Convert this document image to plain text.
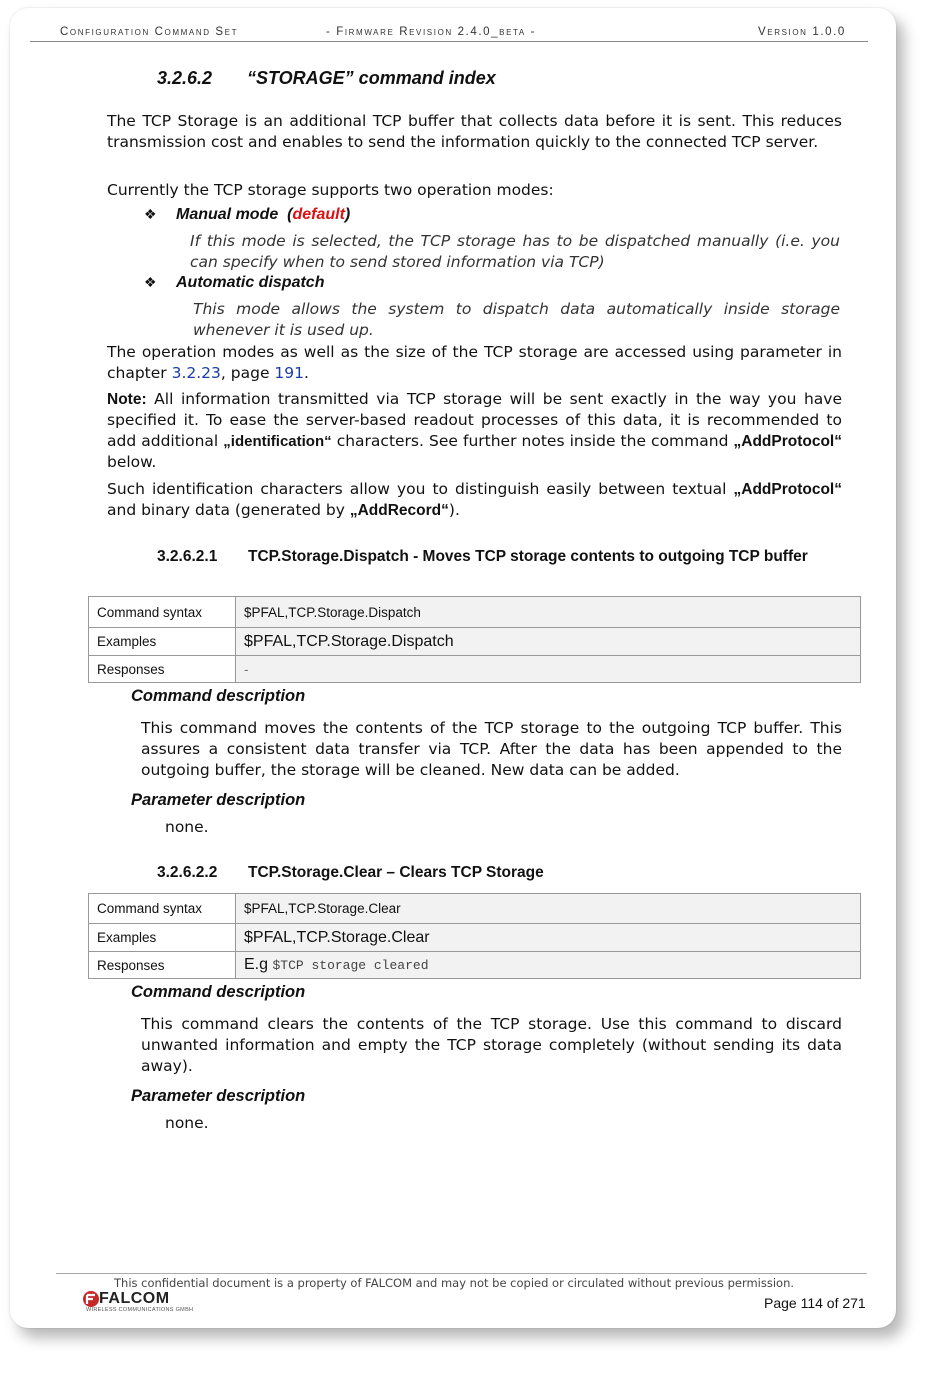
Configuration Command Set	- Firmware Revision 2.4.0_beta -	Version 1.0.0
3.2.6.2 “STORAGE” command index
The TCP Storage is an additional TCP buffer that collects data before it is sent. This reduces transmission cost and enables to send the information quickly to the connected TCP server.
Currently the TCP storage supports two operation modes:
❖ Manual mode  (default)
If this mode is selected, the TCP storage has to be dispatched manually (i.e. you can specify when to send stored information via TCP)
❖ Automatic dispatch
This mode allows the system to dispatch data automatically inside storage whenever it is used up.
The operation modes as well as the size of the TCP storage are accessed using parameter in chapter 3.2.23, page 191.
Note: All information transmitted via TCP storage will be sent exactly in the way you have specified it. To ease the server-based readout processes of this data, it is recommended to add additional „identification“ characters. See further notes inside the command „AddProtocol“ below.
Such identification characters allow you to distinguish easily between textual „AddProtocol“ and binary data (generated by „AddRecord“).
3.2.6.2.1 TCP.Storage.Dispatch - Moves TCP storage contents to outgoing TCP buffer
Command syntax	$PFAL,TCP.Storage.Dispatch
Examples	$PFAL,TCP.Storage.Dispatch
Responses	-
Command description
This command moves the contents of the TCP storage to the outgoing TCP buffer. This assures a consistent data transfer via TCP. After the data has been appended to the outgoing buffer, the storage will be cleaned. New data can be added.
Parameter description
none.
3.2.6.2.2 TCP.Storage.Clear – Clears TCP Storage
Command syntax	$PFAL,TCP.Storage.Clear
Examples	$PFAL,TCP.Storage.Clear
Responses	E.g $TCP storage cleared
Command description
This command clears the contents of the TCP storage. Use this command to discard unwanted information and empty the TCP storage completely (without sending its data away).
Parameter description
none.
This confidential document is a property of FALCOM and may not be copied or circulated without previous permission.
FALCOM
WIRELESS COMMUNICATIONS GMBH	Page 114 of 271
